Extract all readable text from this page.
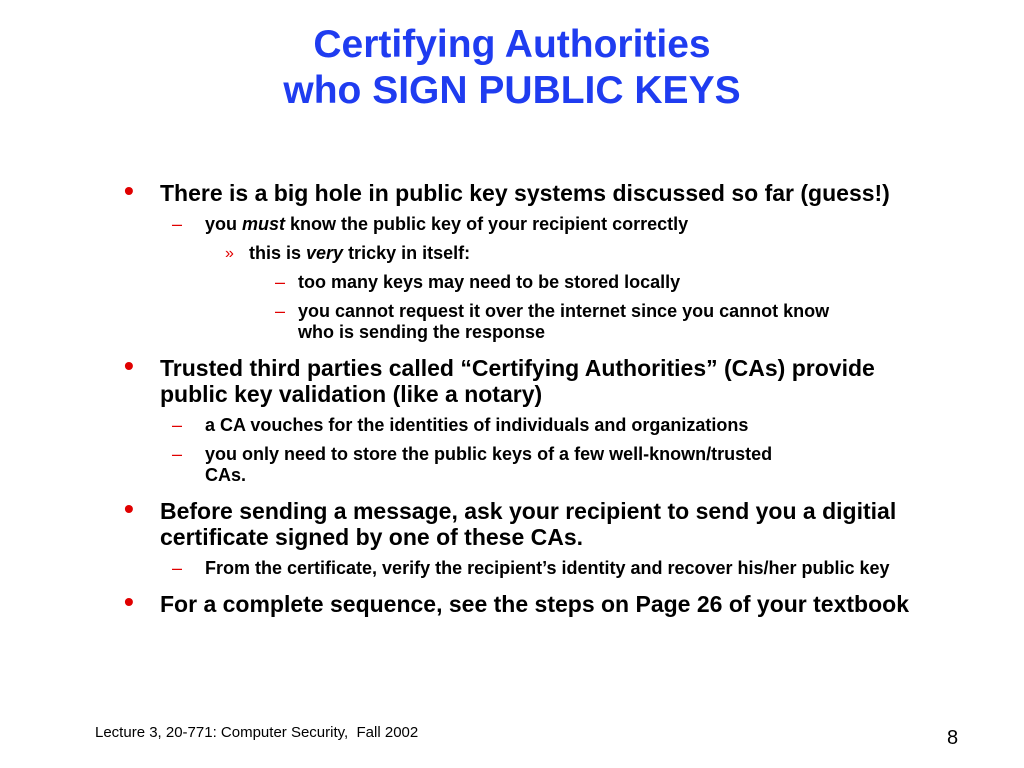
Certifying Authorities
who SIGN PUBLIC KEYS
• There is a big hole in public key systems discussed so far (guess!)
– you must know the public key of your recipient correctly
» this is very tricky in itself:
– too many keys may need to be stored locally
– you cannot request it over the internet since you cannot know who is sending the response
• Trusted third parties called “Certifying Authorities” (CAs) provide public key validation (like a notary)
– a CA vouches for the identities of individuals and organizations
– you only need to store the public keys of a few well-known/trusted CAs.
• Before sending a message, ask your recipient to send you a digitial certificate signed by one of these CAs.
– From the certificate, verify the recipient’s identity and recover his/her public key
• For a complete sequence, see the steps on Page 26 of your textbook
Lecture 3, 20-771: Computer Security,  Fall 2002	8
